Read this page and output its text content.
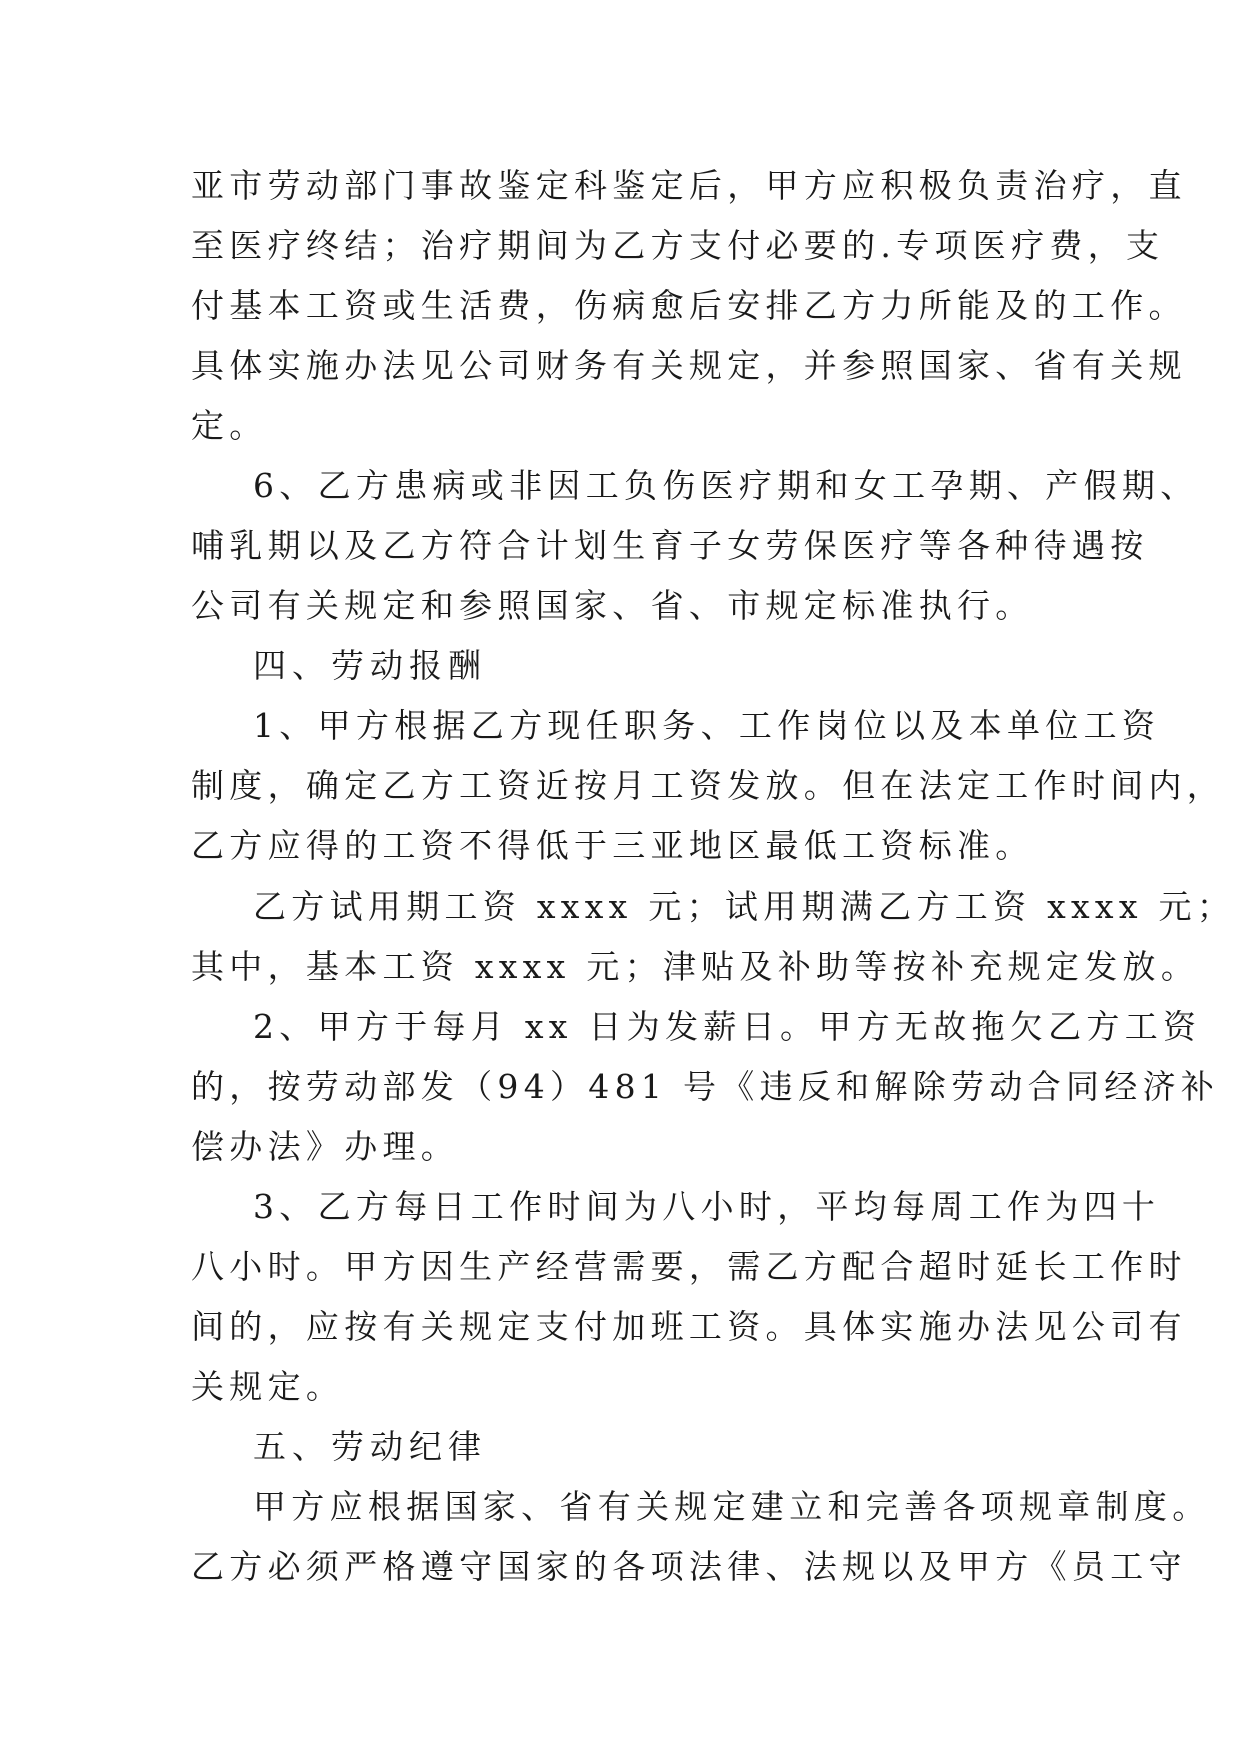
亚市劳动部门事故鉴定科鉴定后，甲方应积极负责治疗，直
至医疗终结；治疗期间为乙方支付必要的.专项医疗费，支
付基本工资或生活费，伤病愈后安排乙方力所能及的工作。
具体实施办法见公司财务有关规定，并参照国家、省有关规
定。
6、乙方患病或非因工负伤医疗期和女工孕期、产假期、
哺乳期以及乙方符合计划生育子女劳保医疗等各种待遇按
公司有关规定和参照国家、省、市规定标准执行。
四、劳动报酬
1、甲方根据乙方现任职务、工作岗位以及本单位工资
制度，确定乙方工资近按月工资发放。但在法定工作时间内，
乙方应得的工资不得低于三亚地区最低工资标准。
乙方试用期工资 xxxx 元；试用期满乙方工资 xxxx 元；
其中，基本工资 xxxx 元；津贴及补助等按补充规定发放。
2、甲方于每月 xx 日为发薪日。甲方无故拖欠乙方工资
的，按劳动部发（94）481 号《违反和解除劳动合同经济补
偿办法》办理。
3、乙方每日工作时间为八小时，平均每周工作为四十
八小时。甲方因生产经营需要，需乙方配合超时延长工作时
间的，应按有关规定支付加班工资。具体实施办法见公司有
关规定。
五、劳动纪律
甲方应根据国家、省有关规定建立和完善各项规章制度。
乙方必须严格遵守国家的各项法律、法规以及甲方《员工守
